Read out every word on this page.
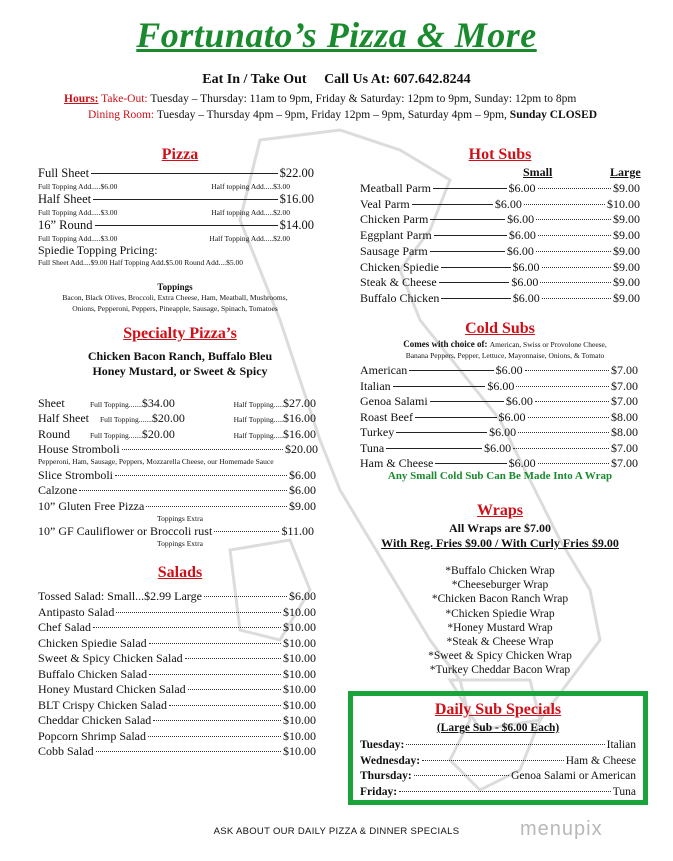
Fortunato’s Pizza & More
Eat In / Take Out Call Us At: 607.642.8244
Hours: Take-Out: Tuesday – Thursday: 11am to 9pm, Friday & Saturday: 12pm to 9pm, Sunday: 12pm to 8pm
Dining Room: Tuesday – Thursday 4pm – 9pm, Friday 12pm – 9pm, Saturday 4pm – 9pm, Sunday CLOSED
Pizza
Full Sheet	$22.00
Full Topping Add.....$6.00	Half topping Add.....$3.00
Half Sheet	$16.00
Full Topping Add.....$3.00	Half topping Add.....$2.00
16” Round	$14.00
Full Topping Add.....$3.00	Half Topping Add.....$2.00
Spiedie Topping Pricing:
Full Sheet Add....$9.00 Half Topping Add.$5.00 Round Add....$5.00
Toppings
Bacon, Black Olives, Broccoli, Extra Cheese, Ham, Meatball, Mushrooms,
Onions, Pepperoni, Peppers, Pineapple, Sausage, Spinach, Tomatoes
Specialty Pizza’s
Chicken Bacon Ranch, Buffalo Bleu
Honey Mustard, or Sweet & Spicy
Sheet	Full Topping....... $34.00	Half Topping..... $27.00
Half Sheet	Full Topping....... $20.00	Half Topping..... $16.00
Round	Full Topping....... $20.00	Half Topping..... $16.00
House Stromboli	$20.00
Pepperoni, Ham, Sausage, Peppers, Mozzarella Cheese, our Homemade Sauce
Slice Stromboli	$6.00
Calzone	$6.00
10” Gluten Free Pizza	$9.00
Toppings Extra
10” GF Cauliflower or Broccoli rust	$11.00
Toppings Extra
Salads
Tossed Salad: Small...$2.99 Large	$6.00
Antipasto Salad	$10.00
Chef Salad	$10.00
Chicken Spiedie Salad	$10.00
Sweet & Spicy Chicken Salad	$10.00
Buffalo Chicken Salad	$10.00
Honey Mustard Chicken Salad	$10.00
BLT Crispy Chicken Salad	$10.00
Cheddar Chicken Salad	$10.00
Popcorn Shrimp Salad	$10.00
Cobb Salad	$10.00
Hot Subs
Small	Large
Meatball Parm	$6.00	$9.00
Veal Parm	$6.00	$10.00
Chicken Parm	$6.00	$9.00
Eggplant Parm	$6.00	$9.00
Sausage Parm	$6.00	$9.00
Chicken Spiedie	$6.00	$9.00
Steak & Cheese	$6.00	$9.00
Buffalo Chicken	$6.00	$9.00
Cold Subs
Comes with choice of: American, Swiss or Provolone Cheese,
Banana Peppers, Pepper, Lettuce, Mayonnaise, Onions, & Tomato
American	$6.00	$7.00
Italian	$6.00	$7.00
Genoa Salami	$6.00	$7.00
Roast Beef	$6.00	$8.00
Turkey	$6.00	$8.00
Tuna	$6.00	$7.00
Ham & Cheese	$6.00	$7.00
Any Small Cold Sub Can Be Made Into A Wrap
Wraps
All Wraps are $7.00
With Reg. Fries $9.00 / With Curly Fries $9.00
*Buffalo Chicken Wrap
*Cheeseburger Wrap
*Chicken Bacon Ranch Wrap
*Chicken Spiedie Wrap
*Honey Mustard Wrap
*Steak & Cheese Wrap
*Sweet & Spicy Chicken Wrap
*Turkey Cheddar Bacon Wrap
Daily Sub Specials
(Large Sub - $6.00 Each)
Tuesday:	Italian
Wednesday:	Ham & Cheese
Thursday:	Genoa Salami or American
Friday:	Tuna
ASK ABOUT OUR DAILY PIZZA & DINNER SPECIALS	menupix
